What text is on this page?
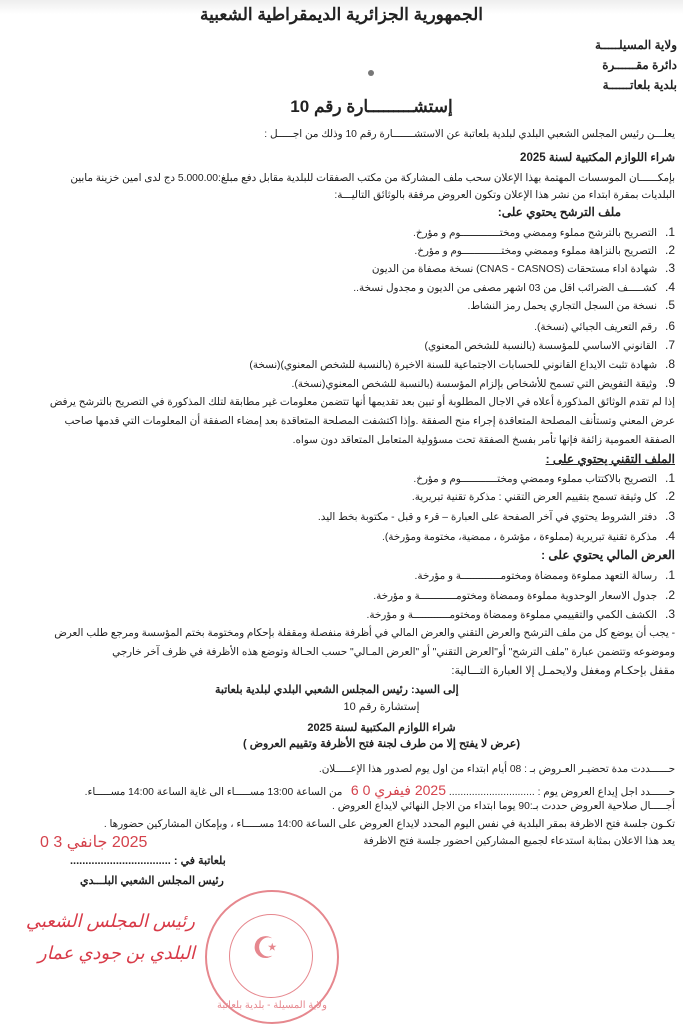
الجمهورية الجزائرية الديمقراطية الشعبية
ولاية المسيلـــــة
دائرة مقــــــرة
بلدية بلعاتــــــة
إستشـــــــــارة رقم 10
يعلـــن رئيس المجلس الشعبي البلدي لبلدية بلعاتبة عن الاستشـــــــارة رقم 10 وذلك من اجـــــل :
شراء اللوازم المكتبية لسنة 2025
بإمكــــــان الموسسات المهتمة بهذا الإعلان سحب ملف المشاركة من مكتب الصفقات للبلدية مقابل دفع مبلغ:5.000.00 دج لدى امين خزينة مابين
البلديات بمقرة ابتداء من نشر هذا الإعلان وتكون العروض مرفقة بالوثائق التاليـــة:
ملف الترشح يحتوي على:
1.التصريح بالترشح مملوء وممضي ومختـــــــــــــوم و مؤرخ.
2.التصريح بالنزاهة مملوء وممضي ومختـــــــــــــوم و مؤرخ.
3.شهادة اداء مستحقات (CNAS - CASNOS) نسخة مصفاة من الديون
4.كشـــــف الضرائب اقل من 03 اشهر مصفى من الديون و مجدول نسخة..
5.نسخة من السجل التجاري يحمل رمز النشاط.
6.رقم التعريف الجبائي (نسخة).
7.القانوني الاساسي للمؤسسة (بالنسبة للشخص المعنوي)
8.شهادة تثبت الايداع القانوني للحسابات الاجتماعية للسنة الاخيرة (بالنسبة للشخص المعنوي)(نسخة)
9.وثيقة التفويض التي تسمح للأشخاص بإلزام المؤسسة (بالنسبة للشخص المعنوي(نسخة).
إذا لم تقدم الوثائق المذكورة أعلاه في الاجال المطلوبة أو تبين بعد تقديمها أنها تتضمن معلومات غير مطابقة لتلك المذكورة في التصريح بالترشح يرفض
عرض المعني وتستأنف المصلحة المتعاقدة إجراء منح الصفقة .وإذا اكتشفت المصلحة المتعاقدة بعد إمضاء الصفقة أن المعلومات التي قدمها صاحب
الصفقة العمومية زائفة فإنها تأمر بفسخ الصفقة تحت مسؤولية المتعامل المتعاقد دون سواه.
الملف التقني يحتوي على :
1.التصريح بالاكتتاب مملوء وممضي ومختــــــــــــوم و مؤرخ.
2.كل وثيقة تسمح بتقييم العرض التقني : مذكرة تقنية تبريرية.
3.دفتر الشروط يحتوي في آخر الصفحة على العبارة – قرء و قبل - مكتوبة بخط اليد.
4.مذكرة تقنية تبريرية (مملوءة ، مؤشرة ، ممضية، مختومة ومؤرخة).
العرض المالي يحتوي على :
1.رسالة التعهد مملوءة وممضاة ومختومـــــــــــــة و مؤرخة.
2.جدول الاسعار الوحدوية مملوءة وممضاة ومختومــــــــــــة و مؤرخة.
3.الكشف الكمي والتقييمي مملوءة وممضاة ومختومــــــــــــة و مؤرخة.
- يجب أن يوضع كل من ملف الترشح والعرض التقني والعرض المالي في أظرفة منفصلة ومقفلة بإحكام ومختومة بختم المؤسسة ومرجع طلب العرض
وموضوعه وتتضمن عبارة "ملف الترشح" أو"العرض التقني" أو "العرض المـالي" حسب الحـالة وتوضع هذه الأظرفة في ظرف آخر خارجي
مقفل بإحكـام ومغفل ولايحمـل إلا العبارة التـــالية:
إلى السيد: رئيس المجلس الشعبي البلدي لبلدية بلعاتبة
إستشارة رقم 10
شراء اللوازم المكتبية لسنة 2025
(عرض لا يفتح إلا من طرف لجنة فتح الأظرفة وتقييم العروض )
حــــــددت مدة تحضيـر العـروض بـ : 08 أيام ابتداء من اول يوم لصدور هذا الإعـــــلان.
حــــــدد اجل إيداع العروض يوم : .............................. 2025 فيفري 0 6   من الساعة 13:00 مســـــاء الى غاية الساعة 14:00 مســـــاء.
أجـــــال صلاحية العروض حددت بـ:90 يوما ابتداء من الاجل النهائي لايداع العروض .
تكـون جلسة فتح الاظرفة بمقر البلدية في نفس اليوم المحدد لايداع العروض على الساعة 14:00 مســـــاء ، وبإمكان المشاركين حضورها .
يعد هذا الاعلان بمثابة استدعاء لجميع المشاركين احضور جلسة فتح الاظرفة
2025 جانفي 3 0
بلعاتبة في : .................................
رئيس المجلس الشعبي البلـــدي
☪
ولاية المسيلة - بلدية بلعاتبة
رئيس المجلس الشعبي البلدي بن جودي عمار
